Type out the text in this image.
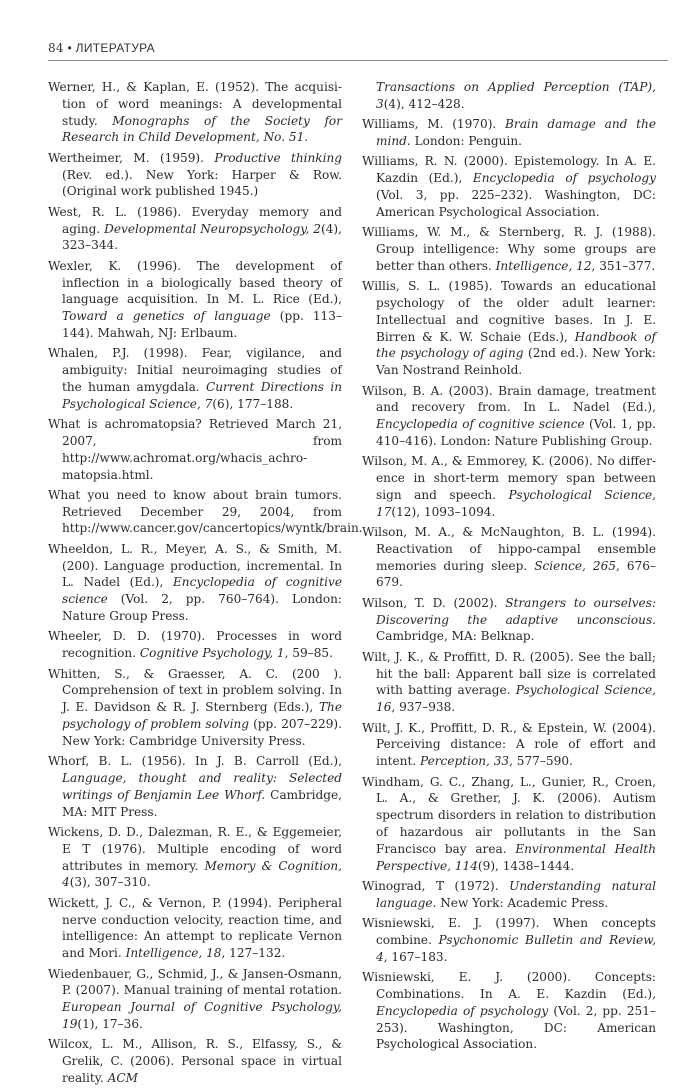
84 • ЛИТЕРАТУРА

Werner, H., & Kaplan, E. (1952). The acquisition of word meanings: A developmental study. Monographs of the Society for Research in Child Development, No. 51.

Wertheimer, M. (1959). Productive thinking (Rev. ed.). New York: Harper & Row. (Original work published 1945.)

West, R. L. (1986). Everyday memory and aging. Developmental Neuropsychology, 2(4), 323–344.

Wexler, K. (1996). The development of inflection in a biologically based theory of language acquisition. In M. L. Rice (Ed.), Toward a genetics of language (pp. 113–144). Mahwah, NJ: Erlbaum.

Whalen, P.J. (1998). Fear, vigilance, and ambiguity: Initial neuroimaging studies of the human amygdala. Current Directions in Psychological Science, 7(6), 177–188.

What is achromatopsia? Retrieved March 21, 2007, from http://www.achromat.org/whacis_achromatopsia.html.

What you need to know about brain tumors. Retrieved December 29, 2004, from http://www.cancer.gov/cancertopics/wyntk/brain.

Wheeldon, L. R., Meyer, A. S., & Smith, M. (200). Language production, incremental. In L. Nadel (Ed.), Encyclopedia of cognitive science (Vol. 2, pp. 760–764). London: Nature Group Press.

Wheeler, D. D. (1970). Processes in word recognition. Cognitive Psychology, 1, 59–85.

Whitten, S., & Graesser, A. C. (200 ). Comprehension of text in problem solving. In J. E. Davidson & R. J. Sternberg (Eds.), The psychology of problem solving (pp. 207–229). New York: Cambridge University Press.

Whorf, B. L. (1956). In J. B. Carroll (Ed.), Language, thought and reality: Selected writings of Benjamin Lee Whorf. Cambridge, MA: MIT Press.

Wickens, D. D., Dalezman, R. E., & Eggemeier, E T (1976). Multiple encoding of word attributes in memory. Memory & Cognition, 4(3), 307–310.

Wickett, J. C., & Vernon, P. (1994). Peripheral nerve conduction velocity, reaction time, and intelligence: An attempt to replicate Vernon and Mori. Intelligence, 18, 127–132.

Wiedenbauer, G., Schmid, J., & Jansen-Osmann, P. (2007). Manual training of mental rotation. European Journal of Cognitive Psychology, 19(1), 17–36.

Wilcox, L. M., Allison, R. S., Elfassy, S., & Grelik, C. (2006). Personal space in virtual reality. ACM

Transactions on Applied Perception (TAP), 3(4), 412–428.

Williams, M. (1970). Brain damage and the mind. London: Penguin.

Williams, R. N. (2000). Epistemology. In A. E. Kazdin (Ed.), Encyclopedia of psychology (Vol. 3, pp. 225–232). Washington, DC: American Psychological Association.

Williams, W. M., & Sternberg, R. J. (1988). Group intelligence: Why some groups are better than others. Intelligence, 12, 351–377.

Willis, S. L. (1985). Towards an educational psychology of the older adult learner: Intellectual and cognitive bases. In J. E. Birren & K. W. Schaie (Eds.), Handbook of the psychology of aging (2nd ed.). New York: Van Nostrand Reinhold.

Wilson, B. A. (2003). Brain damage, treatment and recovery from. In L. Nadel (Ed.), Encyclopedia of cognitive science (Vol. 1, pp. 410–416). London: Nature Publishing Group.

Wilson, M. A., & Emmorey, K. (2006). No difference in short-term memory span between sign and speech. Psychological Science, 17(12), 1093–1094.

Wilson, M. A., & McNaughton, B. L. (1994). Reactivation of hippo-campal ensemble memories during sleep. Science, 265, 676–679.

Wilson, T. D. (2002). Strangers to ourselves: Discovering the adaptive unconscious. Cambridge, MA: Belknap.

Wilt, J. K., & Proffitt, D. R. (2005). See the ball; hit the ball: Apparent ball size is correlated with batting average. Psychological Science, 16, 937–938.

Wilt, J. K., Proffitt, D. R., & Epstein, W. (2004). Perceiving distance: A role of effort and intent. Perception, 33, 577–590.

Windham, G. C., Zhang, L., Gunier, R., Croen, L. A., & Grether, J. K. (2006). Autism spectrum disorders in relation to distribution of hazardous air pollutants in the San Francisco bay area. Environmental Health Perspective, 114(9), 1438–1444.

Winograd, T (1972). Understanding natural language. New York: Academic Press.

Wisniewski, E. J. (1997). When concepts combine. Psychonomic Bulletin and Review, 4, 167–183.

Wisniewski, E. J. (2000). Concepts: Combinations. In A. E. Kazdin (Ed.), Encyclopedia of psychology (Vol. 2, pp. 251–253). Washington, DC: American Psychological Association.
